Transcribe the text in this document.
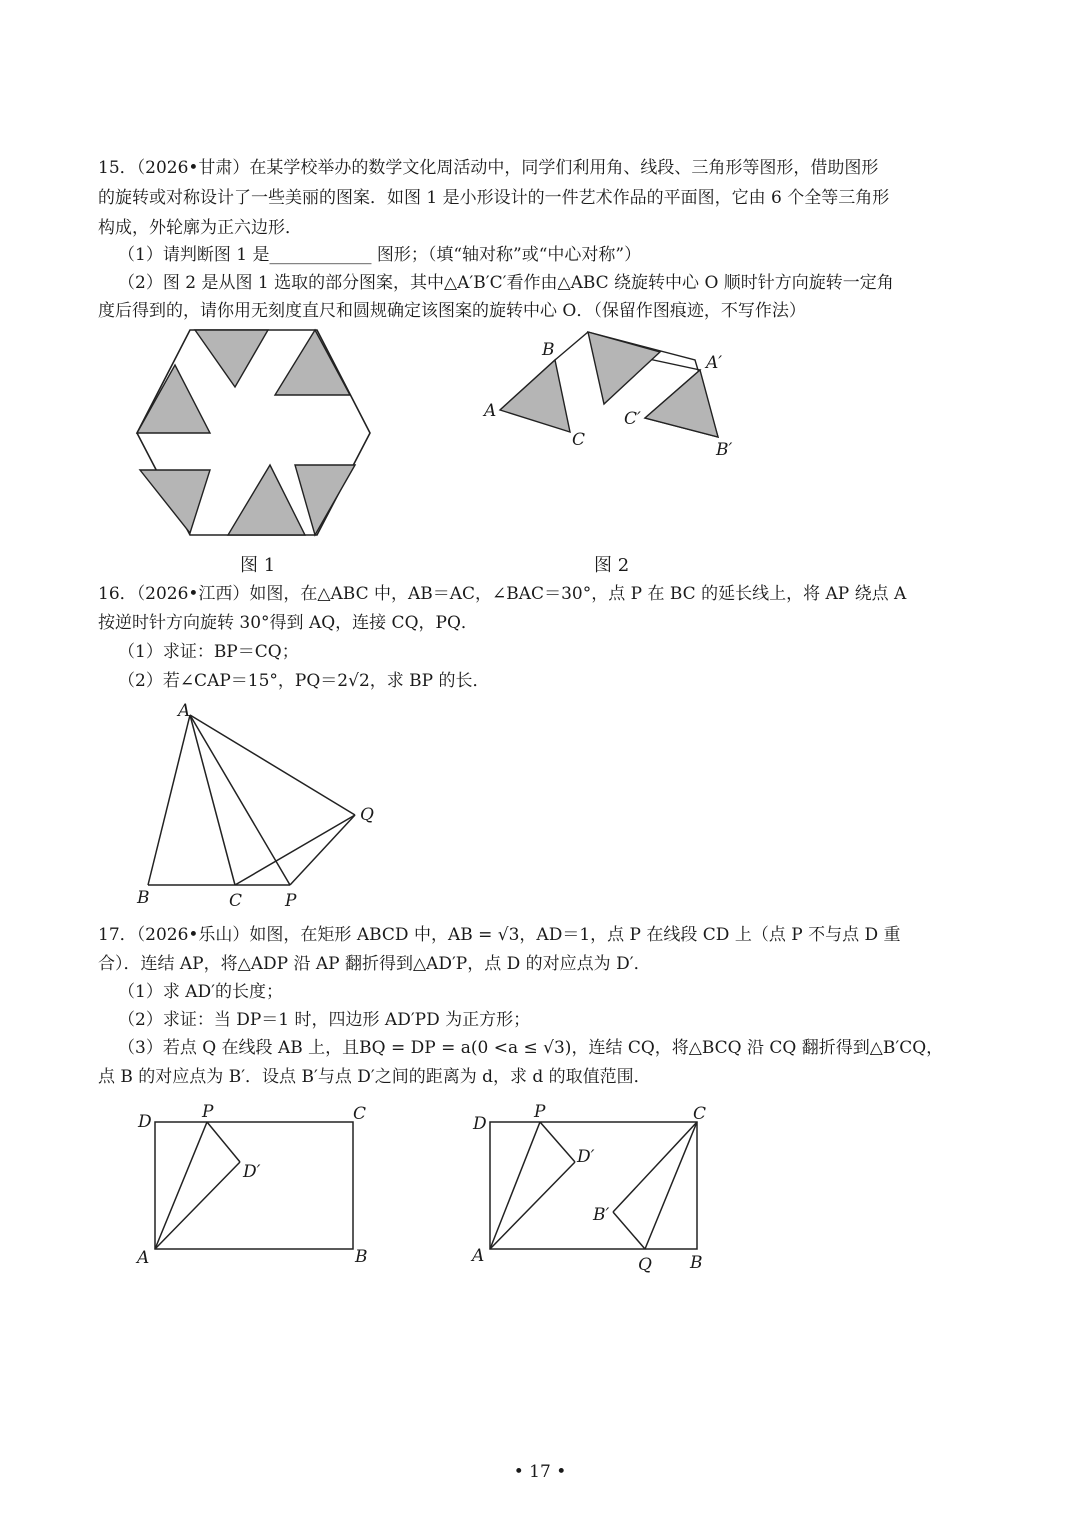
15．（2026•甘肃）在某学校举办的数学文化周活动中，同学们利用角、线段、三角形等图形，借助图形
的旋转或对称设计了一些美丽的图案．如图 1 是小形设计的一件艺术作品的平面图，它由 6 个全等三角形
构成，外轮廓为正六边形．
（1）请判断图 1 是____________ 图形；（填“轴对称”或“中心对称”）
（2）图 2 是从图 1 选取的部分图案，其中△A′B′C′看作由△ABC 绕旋转中心 O 顺时针方向旋转一定角
度后得到的，请你用无刻度直尺和圆规确定该图案的旋转中心 O．（保留作图痕迹，不写作法）
图 1
B
A
C
A′
C′
B′
图 2
16．（2026•江西）如图，在△ABC 中，AB＝AC，∠BAC＝30°，点 P 在 BC 的延长线上，将 AP 绕点 A
按逆时针方向旋转 30°得到 AQ，连接 CQ，PQ．
（1）求证：BP＝CQ；
（2）若∠CAP＝15°，PQ＝2√2，求 BP 的长．
A
Q
B	C	P
17．（2026•乐山）如图，在矩形 ABCD 中，AB = √3，AD＝1，点 P 在线段 CD 上（点 P 不与点 D 重
合）．连结 AP，将△ADP 沿 AP 翻折得到△AD′P，点 D 的对应点为 D′．
（1）求 AD′的长度；
（2）求证：当 DP＝1 时，四边形 AD′PD 为正方形；
（3）若点 Q 在线段 AB 上，且BQ = DP = a(0 <a ≤ √3)，连结 CQ，将△BCQ 沿 CQ 翻折得到△B′CQ，
点 B 的对应点为 B′．设点 B′与点 D′之间的距离为 d，求 d 的取值范围．
D	P	C
D′
A	B
D
P	C
D′
B′
A	Q B
• 17 •
